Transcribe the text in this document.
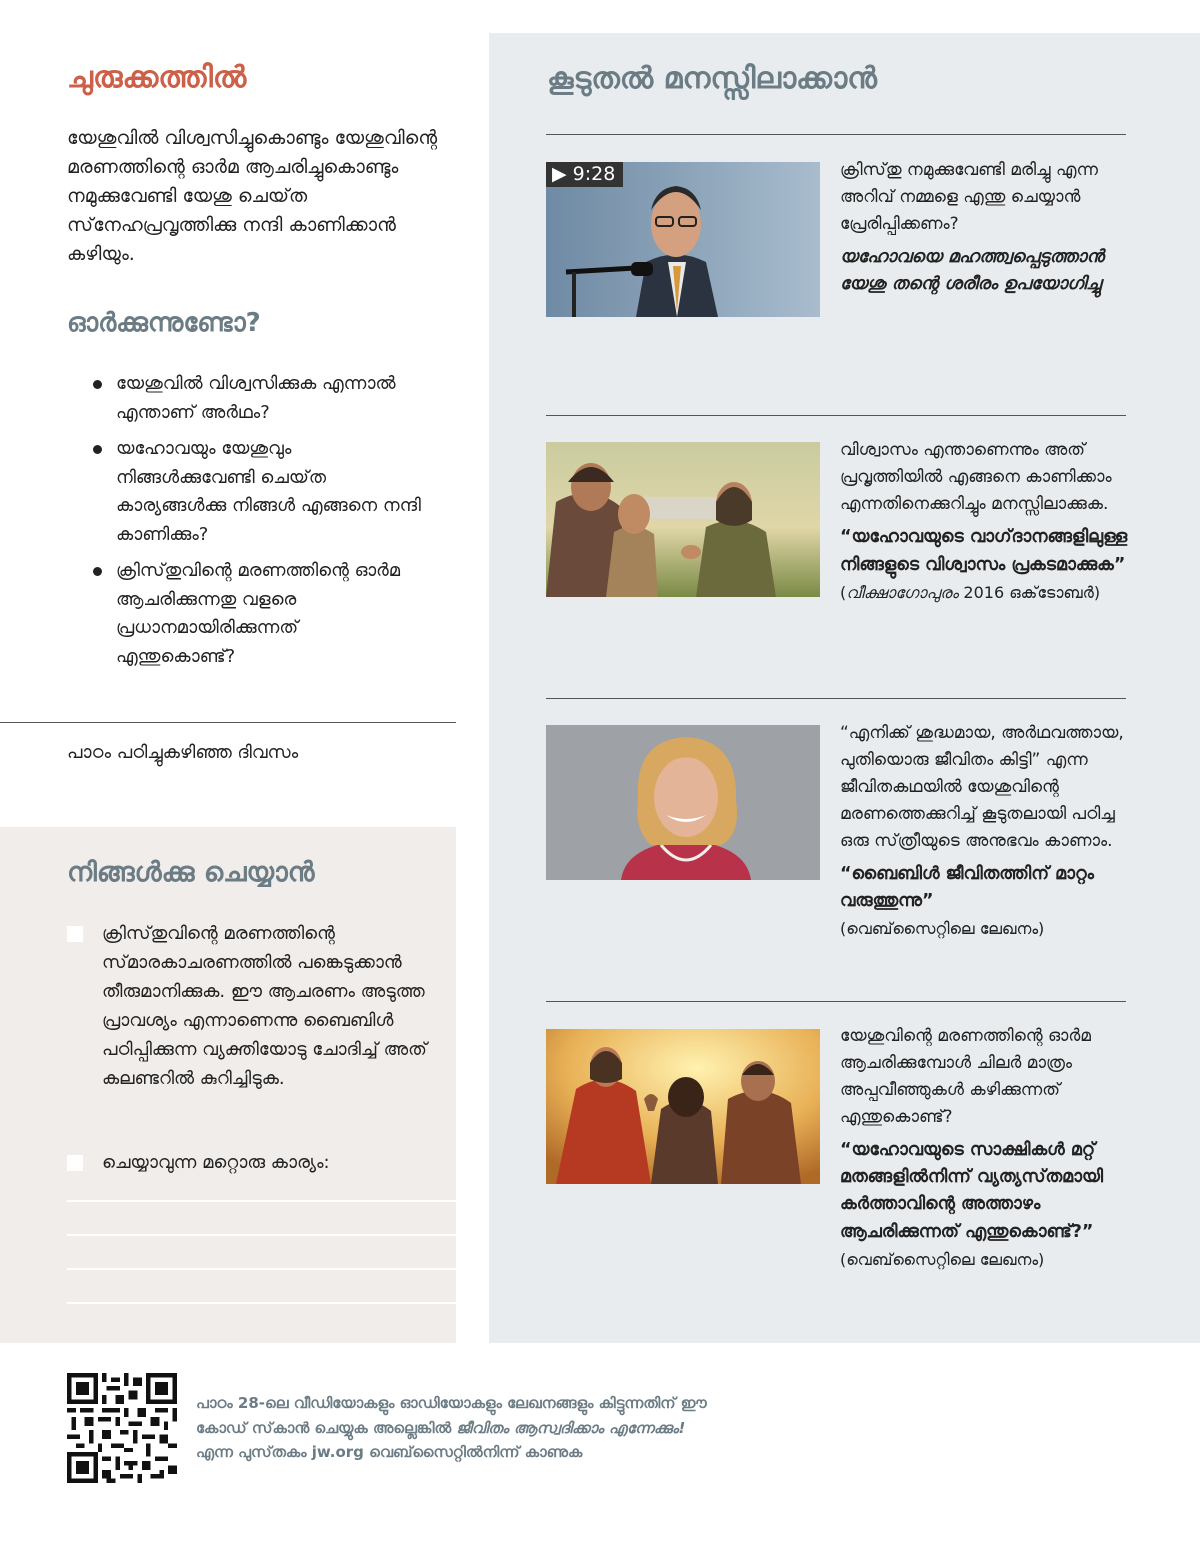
ചുരുക്കത്തിൽ
യേശുവിൽ വിശ്വസിച്ചുകൊണ്ടും യേശുവിന്റെ മരണത്തിന്റെ ഓർമ ആചരിച്ചുകൊണ്ടും നമുക്കുവേണ്ടി യേശു ചെയ്‌ത സ്‌നേഹപ്രവൃത്തിക്കു നന്ദി കാണിക്കാൻ കഴിയും.
ഓർക്കുന്നുണ്ടോ?
യേശുവിൽ വിശ്വസിക്കുക എന്നാൽ എന്താണ്‌ അർഥം?
യഹോവയും യേശുവും നിങ്ങൾക്കുവേണ്ടി ചെയ്‌ത കാര്യങ്ങൾക്കു നിങ്ങൾ എങ്ങനെ നന്ദി കാണിക്കും?
ക്രിസ്‌തുവിന്റെ മരണത്തിന്റെ ഓർമ ആചരിക്കുന്നതു വളരെ പ്രധാനമായിരിക്കുന്നത്‌ എന്തുകൊണ്ട്‌?
പാഠം പഠിച്ചുകഴിഞ്ഞ ദിവസം
നിങ്ങൾക്കു ചെയ്യാൻ
ക്രിസ്‌തുവിന്റെ മരണത്തിന്റെ സ്‌മാരകാചരണത്തിൽ പങ്കെടുക്കാൻ തീരുമാനിക്കുക. ഈ ആചരണം അടുത്ത പ്രാവശ്യം എന്നാണെന്നു ബൈബിൾ പഠിപ്പിക്കുന്ന വ്യക്തിയോടു ചോദിച്ച്‌ അത്‌ കലണ്ടറിൽ കുറിച്ചിടുക.
ചെയ്യാവുന്ന മറ്റൊരു കാര്യം:
കൂടുതൽ മനസ്സിലാക്കാൻ
▶ 9:28	ക്രിസ്‌തു നമുക്കുവേണ്ടി മരിച്ചു എന്ന അറിവ്‌ നമ്മളെ എന്തു ചെയ്യാൻ പ്രേരിപ്പിക്കണം?
യഹോവയെ മഹത്ത്വപ്പെടുത്താൻ യേശു തന്റെ ശരീരം ഉപയോഗിച്ചു
വിശ്വാസം എന്താണെന്നും അത്‌ പ്രവൃത്തിയിൽ എങ്ങനെ കാണിക്കാം എന്നതിനെക്കുറിച്ചും മനസ്സിലാക്കുക.
“യഹോവയുടെ വാഗ്‌ദാനങ്ങളിലുള്ള നിങ്ങളുടെ വിശ്വാസം പ്രകടമാക്കുക” (വീക്ഷാഗോപുരം 2016 ഒക്‌ടോബർ)
“എനിക്ക്‌ ശുദ്ധമായ, അർഥവത്തായ, പുതിയൊരു ജീവിതം കിട്ടി” എന്ന ജീവിതകഥയിൽ യേശുവിന്റെ മരണത്തെക്കുറിച്ച്‌ കൂടുതലായി പഠിച്ച ഒരു സ്‌ത്രീയുടെ അനുഭവം കാണാം.
“ബൈബിൾ ജീവിതത്തിന്‌ മാറ്റം വരുത്തുന്നു”
(വെബ്‌സൈറ്റിലെ ലേഖനം)
യേശുവിന്റെ മരണത്തിന്റെ ഓർമ ആചരിക്കുമ്പോൾ ചിലർ മാത്രം അപ്പവീഞ്ഞുകൾ കഴിക്കുന്നത്‌ എന്തുകൊണ്ട്‌?
“യഹോവയുടെ സാക്ഷികൾ മറ്റ്‌ മതങ്ങളിൽനിന്ന്‌ വ്യത്യസ്‌തമായി കർത്താവിന്റെ അത്താഴം ആചരിക്കുന്നത്‌ എന്തുകൊണ്ട്‌?” (വെബ്‌സൈറ്റിലെ ലേഖനം)
പാഠം 28-ലെ വീഡിയോകളും ഓഡിയോകളും ലേഖനങ്ങളും കിട്ടുന്നതിന്‌ ഈ കോഡ്‌ സ്‌കാൻ ചെയ്യുക അല്ലെങ്കിൽ ജീവിതം ആസ്വദിക്കാം എന്നേക്കും! എന്ന പുസ്‌തകം jw.org വെബ്‌സൈറ്റിൽനിന്ന്‌ കാണുക
